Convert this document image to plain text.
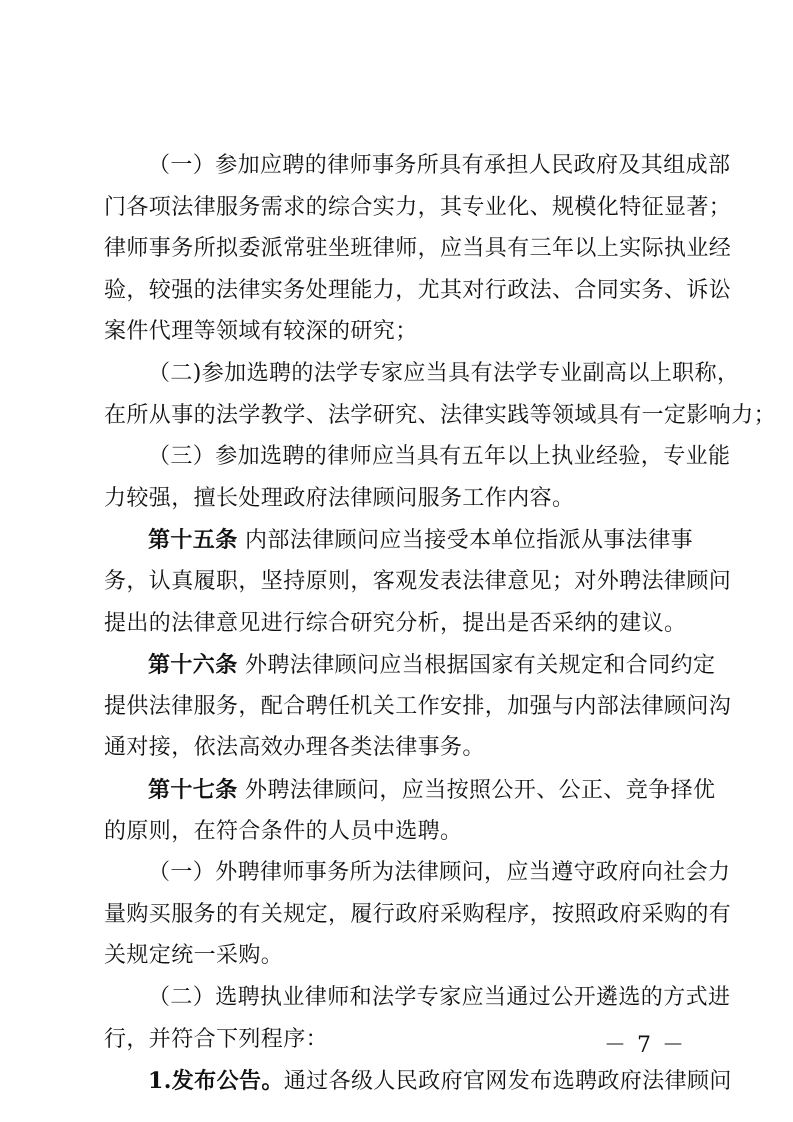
（一）参加应聘的律师事务所具有承担人民政府及其组成部
门各项法律服务需求的综合实力，其专业化、规模化特征显著；
律师事务所拟委派常驻坐班律师，应当具有三年以上实际执业经
验，较强的法律实务处理能力，尤其对行政法、合同实务、诉讼
案件代理等领域有较深的研究；
（二)参加选聘的法学专家应当具有法学专业副高以上职称，
在所从事的法学教学、法学研究、法律实践等领域具有一定影响力；
（三）参加选聘的律师应当具有五年以上执业经验，专业能
力较强，擅长处理政府法律顾问服务工作内容。
第十五条 内部法律顾问应当接受本单位指派从事法律事
务，认真履职，坚持原则，客观发表法律意见；对外聘法律顾问
提出的法律意见进行综合研究分析，提出是否采纳的建议。
第十六条 外聘法律顾问应当根据国家有关规定和合同约定
提供法律服务，配合聘任机关工作安排，加强与内部法律顾问沟
通对接，依法高效办理各类法律事务。
第十七条 外聘法律顾问，应当按照公开、公正、竞争择优
的原则，在符合条件的人员中选聘。
－ 7 －
（一）外聘律师事务所为法律顾问，应当遵守政府向社会力
量购买服务的有关规定，履行政府采购程序，按照政府采购的有
关规定统一采购。
（二）选聘执业律师和法学专家应当通过公开遴选的方式进
行，并符合下列程序：
1.发布公告。通过各级人民政府官网发布选聘政府法律顾问
